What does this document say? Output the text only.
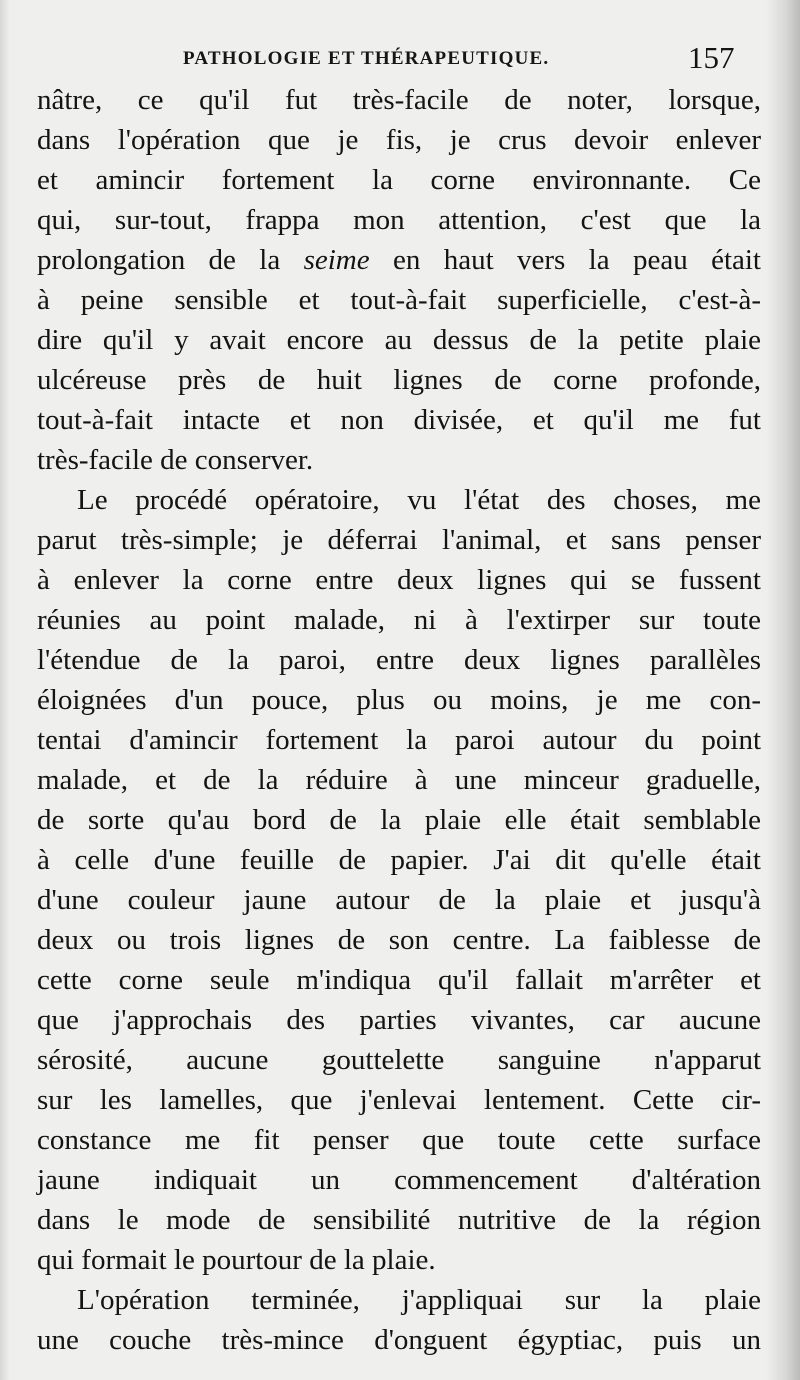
PATHOLOGIE ET THÉRAPEUTIQUE.	157
nâtre, ce qu'il fut très-facile de noter, lorsque,
dans l'opération que je fis, je crus devoir enlever
et amincir fortement la corne environnante. Ce
qui, sur-tout, frappa mon attention, c'est que la
prolongation de la seime en haut vers la peau était
à peine sensible et tout-à-fait superficielle, c'est-à-
dire qu'il y avait encore au dessus de la petite plaie
ulcéreuse près de huit lignes de corne profonde,
tout-à-fait intacte et non divisée, et qu'il me fut
très-facile de conserver.
Le procédé opératoire, vu l'état des choses, me
parut très-simple; je déferrai l'animal, et sans penser
à enlever la corne entre deux lignes qui se fussent
réunies au point malade, ni à l'extirper sur toute
l'étendue de la paroi, entre deux lignes parallèles
éloignées d'un pouce, plus ou moins, je me con-
tentai d'amincir fortement la paroi autour du point
malade, et de la réduire à une minceur graduelle,
de sorte qu'au bord de la plaie elle était semblable
à celle d'une feuille de papier. J'ai dit qu'elle était
d'une couleur jaune autour de la plaie et jusqu'à
deux ou trois lignes de son centre. La faiblesse de
cette corne seule m'indiqua qu'il fallait m'arrêter et
que j'approchais des parties vivantes, car aucune
sérosité, aucune gouttelette sanguine n'apparut
sur les lamelles, que j'enlevai lentement. Cette cir-
constance me fit penser que toute cette surface
jaune indiquait un commencement d'altération
dans le mode de sensibilité nutritive de la région
qui formait le pourtour de la plaie.
L'opération terminée, j'appliquai sur la plaie
une couche très-mince d'onguent égyptiac, puis un
